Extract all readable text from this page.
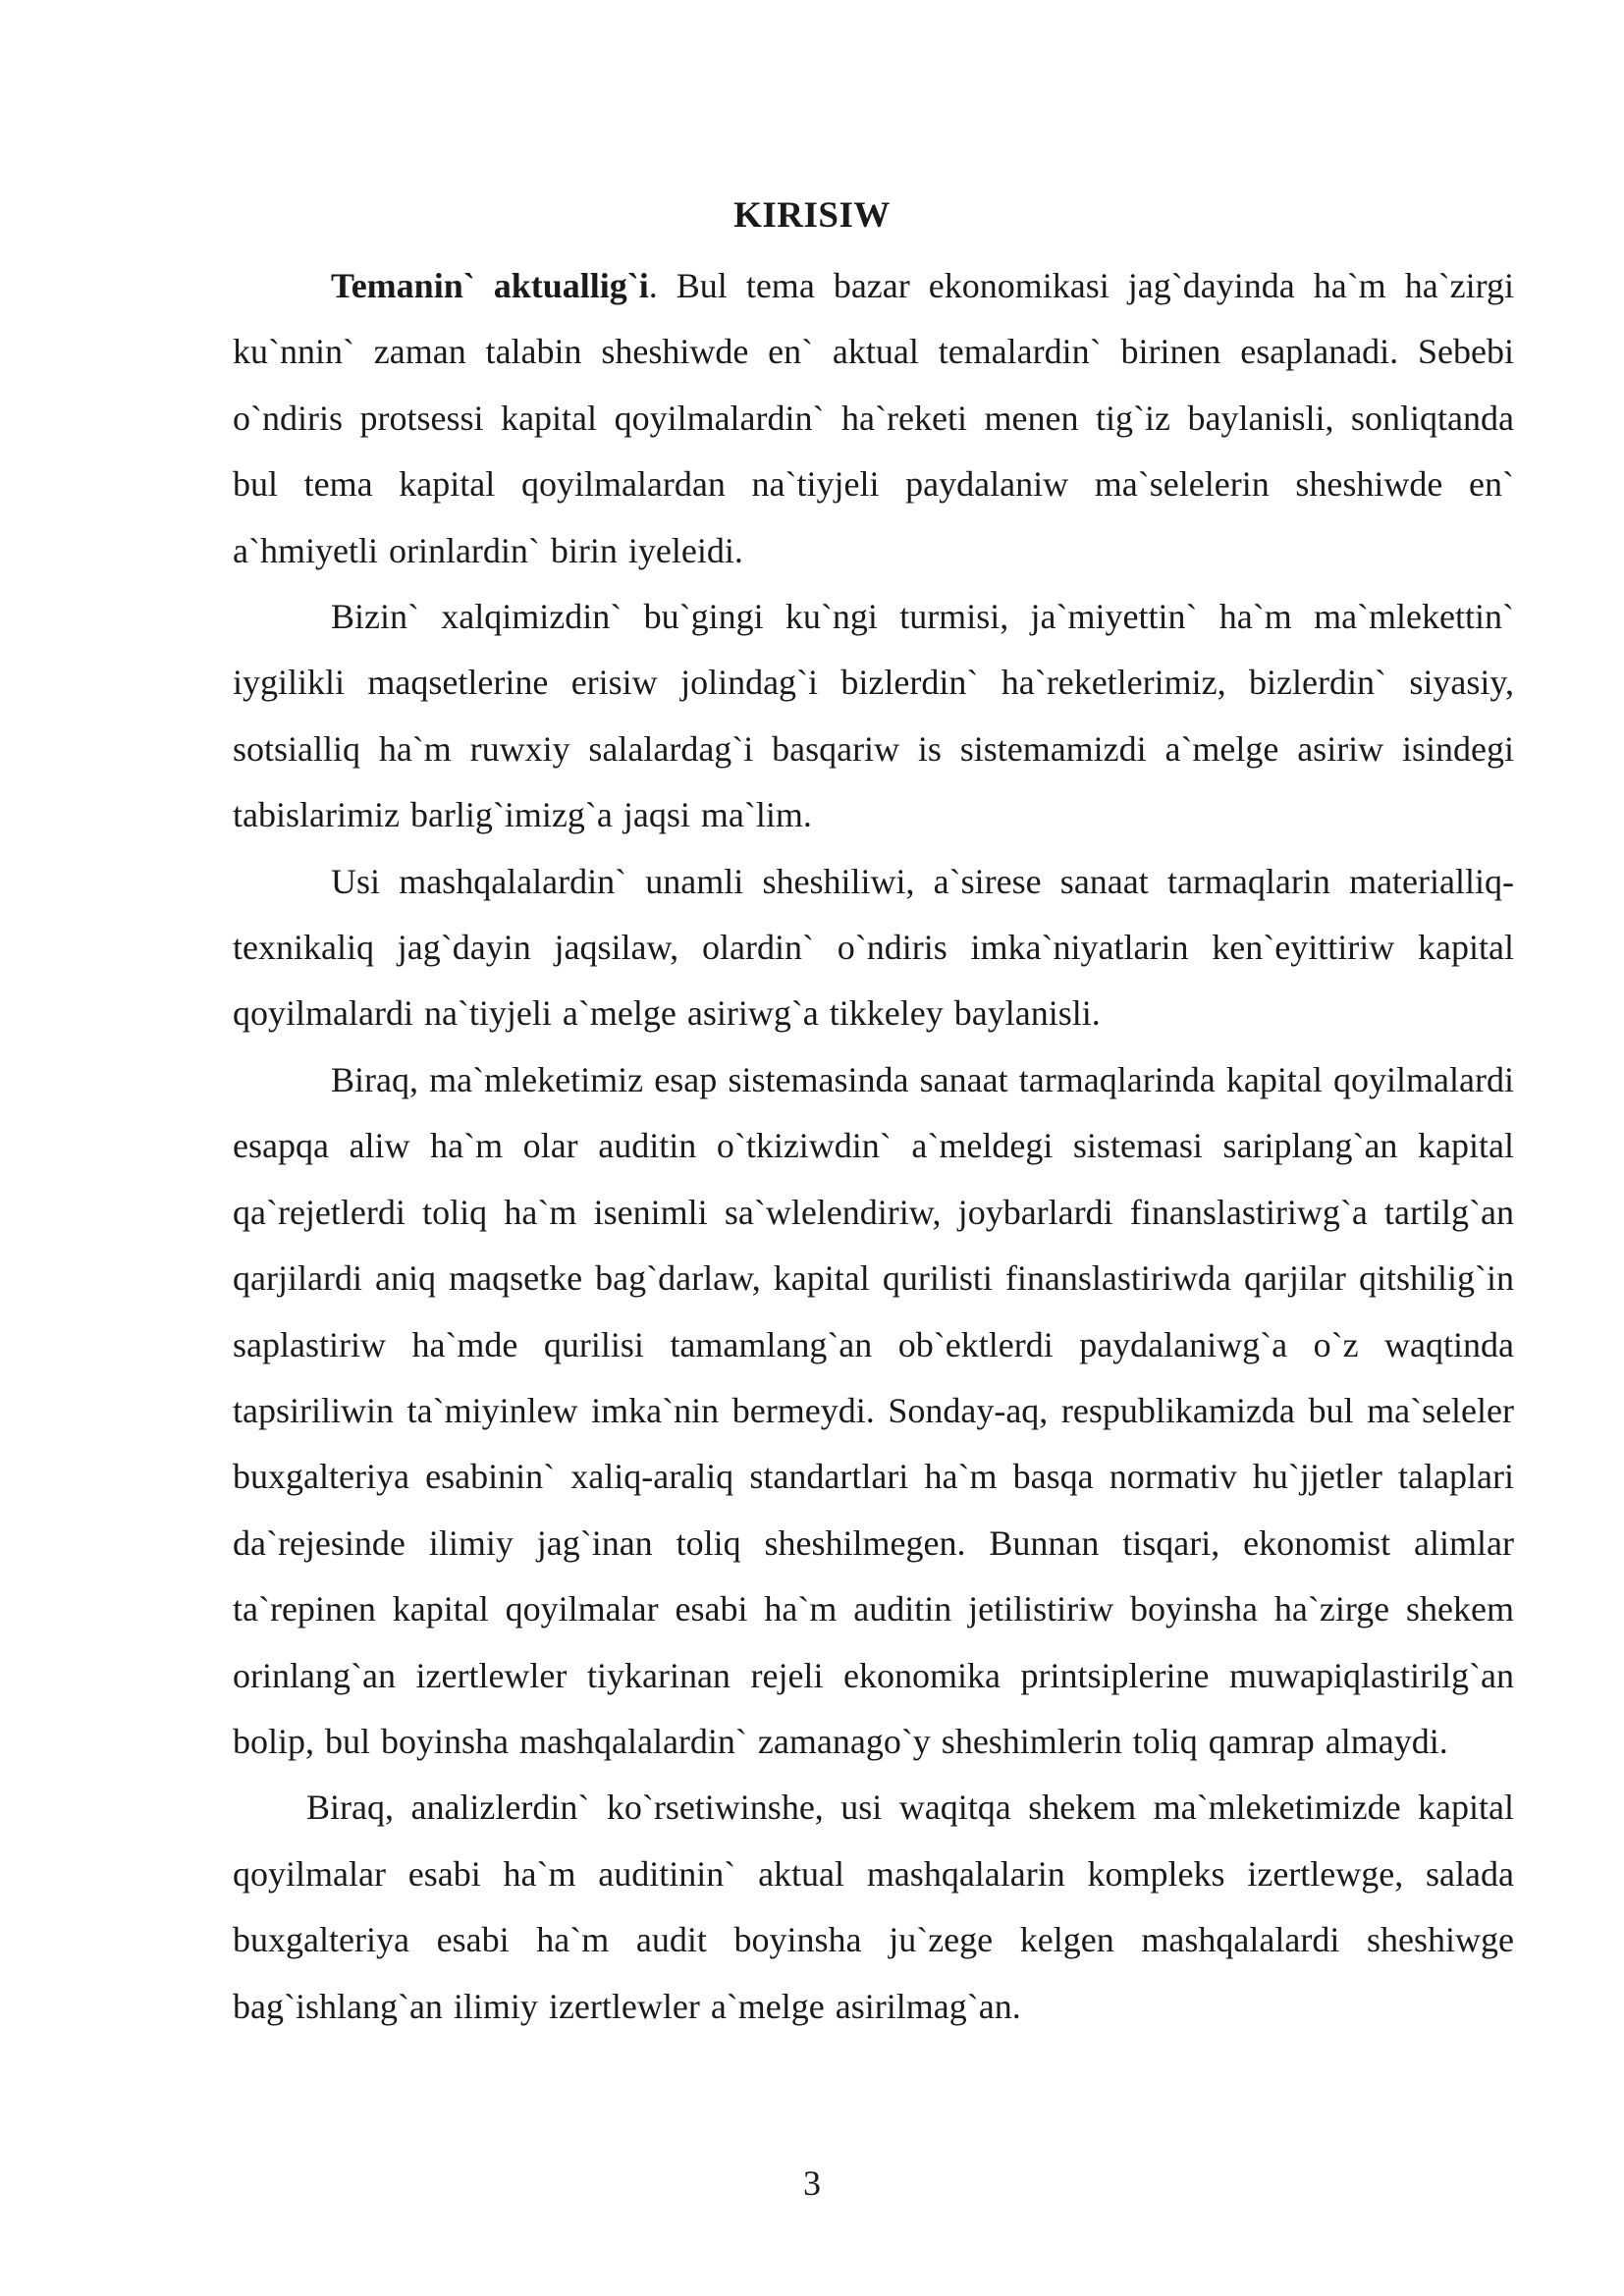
KIRISIW

Temanin` aktuallig`i. Bul tema bazar ekonomikasi jag`dayinda ha`m ha`zirgi ku`nnin` zaman talabin sheshiwde en` aktual temalardin` birinen esaplanadi. Sebebi o`ndiris protsessi kapital qoyilmalardin` ha`reketi menen tig`iz baylanisli, sonliqtanda bul tema kapital qoyilmalardan na`tiyjeli paydalaniw ma`selelerin sheshiwde en` a`hmiyetli orinlardin` birin iyeleidi.

Bizin` xalqimizdin` bu`gingi ku`ngi turmisi, ja`miyettin` ha`m ma`mlekettin` iygilikli maqsetlerine erisiw jolindag`i bizlerdin` ha`reketlerimiz, bizlerdin` siyasiy, sotsialliq ha`m ruwxiy salalardag`i basqariw is sistemamizdi a`melge asiriw isindegi tabislarimiz barlig`imizg`a jaqsi ma`lim.

Usi mashqalalardin` unamli sheshiliwi, a`sirese sanaat tarmaqlarin materialliq-texnikaliq jag`dayin jaqsilaw, olardin` o`ndiris imka`niyatlarin ken`eyittiriw kapital qoyilmalardi na`tiyjeli a`melge asiriwg`a tikkeley baylanisli.

Biraq, ma`mleketimiz esap sistemasinda sanaat tarmaqlarinda kapital qoyilmalardi esapqa aliw ha`m olar auditin o`tkiziwdin` a`meldegi sistemasi sariplang`an kapital qa`rejetlerdi toliq ha`m isenimli sa`wlelendiriw, joybarlardi finanslastiriwg`a tartilg`an qarjilardi aniq maqsetke bag`darlaw, kapital qurilisti finanslastiriwda qarjilar qitshilig`in saplastiriw ha`mde qurilisi tamamlang`an ob`ektlerdi paydalaniwg`a o`z waqtinda tapsiriliwin ta`miyinlew imka`nin bermeydi. Sonday-aq, respublikamizda bul ma`seleler buxgalteriya esabinin` xaliq-araliq standartlari ha`m basqa normativ hu`jjetler talaplari da`rejesinde ilimiy jag`inan toliq sheshilmegen. Bunnan tisqari, ekonomist alimlar ta`repinen kapital qoyilmalar esabi ha`m auditin jetilistiriw boyinsha ha`zirge shekem orinlang`an izertlewler tiykarinan rejeli ekonomika printsiplerine muwapiqlastirilg`an bolip, bul boyinsha mashqalalardin` zamanago`y sheshimlerin toliq qamrap almaydi.

Biraq, analizlerdin` ko`rsetiwinshe, usi waqitqa shekem ma`mleketimizde kapital qoyilmalar esabi ha`m auditinin` aktual mashqalalarin kompleks izertlewge, salada buxgalteriya esabi ha`m audit boyinsha ju`zege kelgen mashqalalardi sheshiwge bag`ishlang`an ilimiy izertlewler a`melge asirilmag`an.

3
